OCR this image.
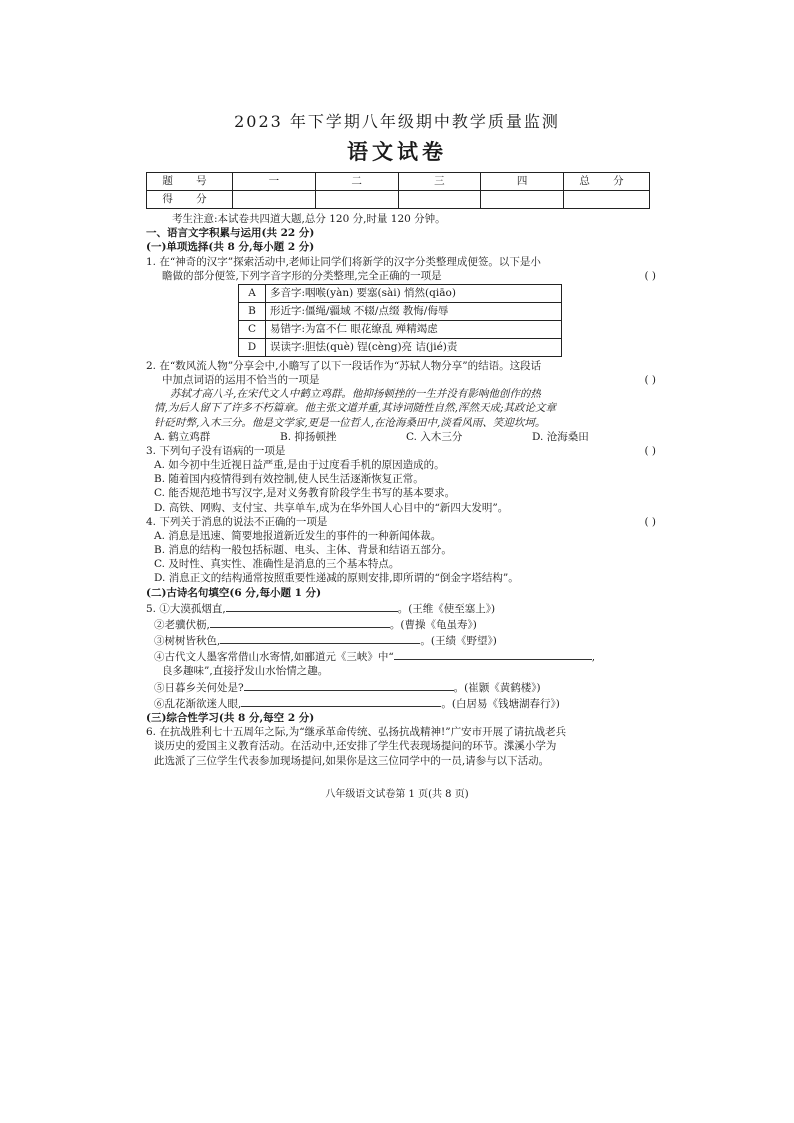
2023 年下学期八年级期中教学质量监测
语文试卷
题 号	一	二	三	四	总 分
得 分					
考生注意:本试卷共四道大题,总分 120 分,时量 120 分钟。
一、语言文字积累与运用(共 22 分)
(一)单项选择(共 8 分,每小题 2 分)
1. 在“神奇的汉字”探索活动中,老师让同学们将新学的汉字分类整理成便签。以下是小
瞻做的部分便签,下列字音字形的分类整理,完全正确的一项是	( )
A	多音字:咽喉(yàn) 要塞(sài) 悄然(qiāo)
B	形近字:僵绳/疆域 不辍/点缀 教悔/侮辱
C	易错字:为富不仁 眼花缭乱 殚精竭虑
D	误读字:胆怯(què) 锃(cèng)亮 诘(jié)责
2. 在“数风流人物”分享会中,小瞻写了以下一段话作为“苏轼人物分享”的结语。这段话
中加点词语的运用不恰当的一项是	( )
苏轼才高八斗,在宋代文人中鹤立鸡群。他抑扬顿挫的一生并没有影响他创作的热
情,为后人留下了许多不朽篇章。他主张文道并重,其诗词随性自然,浑然天成;其政论文章
针砭时弊,入木三分。他是文学家,更是一位哲人,在沧海桑田中,淡看风雨、笑迎坎坷。
A. 鹤立鸡群	B. 抑扬顿挫	C. 入木三分	D. 沧海桑田
3. 下列句子没有语病的一项是	( )
A. 如今初中生近视日益严重,是由于过度看手机的原因造成的。
B. 随着国内疫情得到有效控制,使人民生活逐渐恢复正常。
C. 能否规范地书写汉字,是对义务教育阶段学生书写的基本要求。
D. 高铁、网购、支付宝、共享单车,成为在华外国人心目中的“新四大发明”。
4. 下列关于消息的说法不正确的一项是	( )
A. 消息是迅速、简要地报道新近发生的事件的一种新闻体裁。
B. 消息的结构一般包括标题、电头、主体、背景和结语五部分。
C. 及时性、真实性、准确性是消息的三个基本特点。
D. 消息正文的结构通常按照重要性递减的原则安排,即所谓的“倒金字塔结构”。
(二)古诗名句填空(6 分,每小题 1 分)
5. ①大漠孤烟直,	。(王维《使至塞上》)
②老骥伏枥,	。(曹操《龟虽寿》)
③树树皆秋色,	。(王绩《野望》)
④古代文人墨客常借山水寄情,如郦道元《三峡》中“	,
良多趣味”,直接抒发山水怡情之趣。
⑤日暮乡关何处是?	。(崔颢《黄鹤楼》)
⑥乱花渐欲迷人眼,	。(白居易《钱塘湖春行》)
(三)综合性学习(共 8 分,每空 2 分)
6. 在抗战胜利七十五周年之际,为“继承革命传统、弘扬抗战精神!”广安市开展了请抗战老兵
谈历史的爱国主义教育活动。在活动中,还安排了学生代表现场提问的环节。渫溪小学为
此选派了三位学生代表参加现场提问,如果你是这三位同学中的一员,请参与以下活动。
八年级语文试卷第 1 页(共 8 页)
